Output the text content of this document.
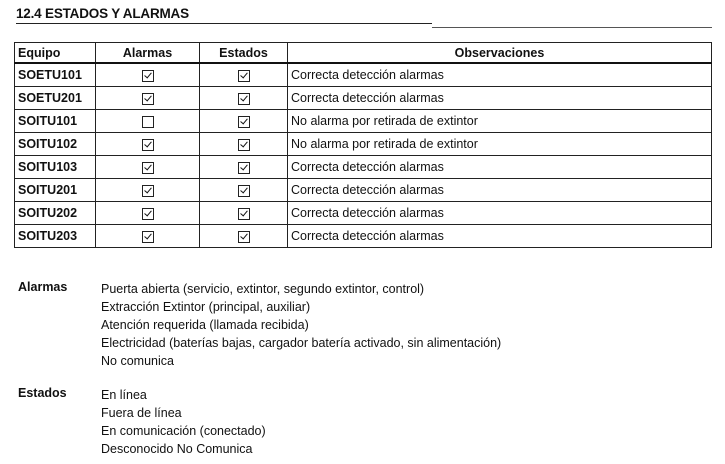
12.4 ESTADOS Y ALARMAS
Equipo	Alarmas	Estados	Observaciones
SOETU101			Correcta detección alarmas
SOETU201			Correcta detección alarmas
SOITU101			No alarma por retirada de extintor
SOITU102			No alarma por retirada de extintor
SOITU103			Correcta detección alarmas
SOITU201			Correcta detección alarmas
SOITU202			Correcta detección alarmas
SOITU203			Correcta detección alarmas
Alarmas	Puerta abierta (servicio, extintor, segundo extintor, control)
Extracción Extintor (principal, auxiliar)
Atención requerida (llamada recibida)
Electricidad (baterías bajas, cargador batería activado, sin alimentación)
No comunica
Estados	En línea
Fuera de línea
En comunicación (conectado)
Desconocido No Comunica
